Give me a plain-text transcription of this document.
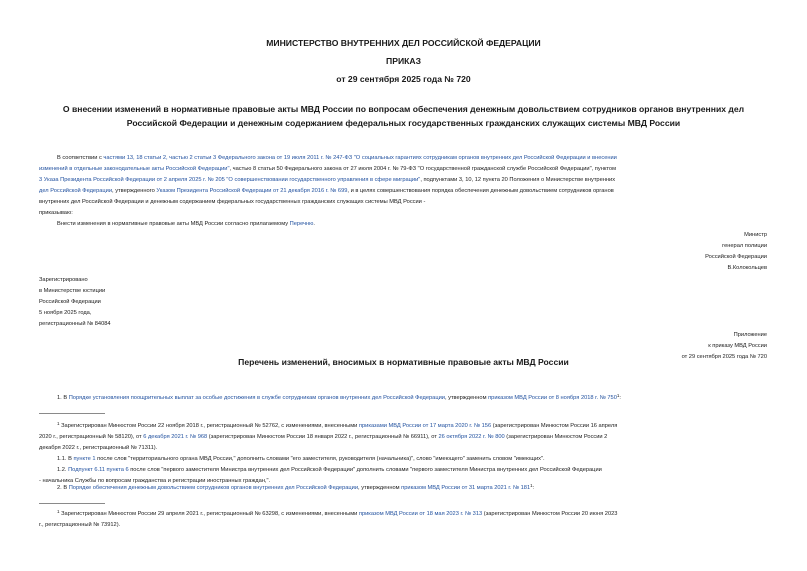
МИНИСТЕРСТВО ВНУТРЕННИХ ДЕЛ РОССИЙСКОЙ ФЕДЕРАЦИИ
ПРИКАЗ
от 29 сентября 2025 года № 720
О внесении изменений в нормативные правовые акты МВД России по вопросам обеспечения денежным довольствием сотрудников органов внутренних дел
Российской Федерации и денежным содержанием федеральных государственных гражданских служащих системы МВД России
В соответствии с частями 13, 18 статьи 2, частью 2 статьи 3 Федерального закона от 19 июля 2011 г. № 247-ФЗ "О социальных гарантиях сотрудникам органов внутренних дел Российской Федерации и внесении
изменений в отдельные законодательные акты Российской Федерации", частью 8 статьи 50 Федерального закона от 27 июля 2004 г. № 79-ФЗ "О государственной гражданской службе Российской Федерации", пунктом
3 Указа Президента Российской Федерации от 2 апреля 2025 г. № 205 "О совершенствовании государственного управления в сфере миграции", подпунктами 3, 10, 12 пункта 20 Положения о Министерстве внутренних
дел Российской Федерации, утвержденного Указом Президента Российской Федерации от 21 декабря 2016 г. № 699, и в целях совершенствования порядка обеспечения денежным довольствием сотрудников органов
внутренних дел Российской Федерации и денежным содержанием федеральных государственных гражданских служащих системы МВД России -
приказываю:
Внести изменения в нормативные правовые акты МВД России согласно прилагаемому Перечню.
Министр
генерал полиции
Российской Федерации
В.Колокольцев
Зарегистрировано
в Министерстве юстиции
Российской Федерации
5 ноября 2025 года,
регистрационный № 84084
Приложение
к приказу МВД России
от 29 сентября 2025 года № 720
Перечень изменений, вносимых в нормативные правовые акты МВД России
1. В Порядке установления поощрительных выплат за особые достижения в службе сотрудникам органов внутренних дел Российской Федерации, утвержденном приказом МВД России от 8 ноября 2018 г. № $750^1$:
$^1$ Зарегистрирован Минюстом России 22 ноября 2018 г., регистрационный № 52762, с изменениями, внесенными приказами МВД России от 17 марта 2020 г. № 156 (зарегистрирован Минюстом России 16 апреля
2020 г., регистрационный № 58120), от 6 декабря 2021 г. № 968 (зарегистрирован Минюстом России 18 января 2022 г., регистрационный № 66911), от 26 октября 2022 г. № 800 (зарегистрирован Минюстом России 2
декабря 2022 г., регистрационный № 71311).
1.1. В пункте 1 после слов "территориального органа МВД России," дополнить словами "его заместителя, руководителя (начальника)", слово "имеющего" заменить словом "имеющих".
1.2. Подпункт 6.11 пункта 6 после слов "первого заместителя Министра внутренних дел Российской Федерации" дополнить словами "первого заместителя Министра внутренних дел Российской Федерации
- начальника Службы по вопросам гражданства и регистрации иностранных граждан,".
2. В Порядке обеспечения денежным довольствием сотрудников органов внутренних дел Российской Федерации, утвержденном приказом МВД России от 31 марта 2021 г. № $181^1$:
$^1$ Зарегистрирован Минюстом России 29 апреля 2021 г., регистрационный № 63298, с изменениями, внесенными приказом МВД России от 18 мая 2023 г. № 313 (зарегистрирован Минюстом России 20 июня 2023
г., регистрационный № 73912).
